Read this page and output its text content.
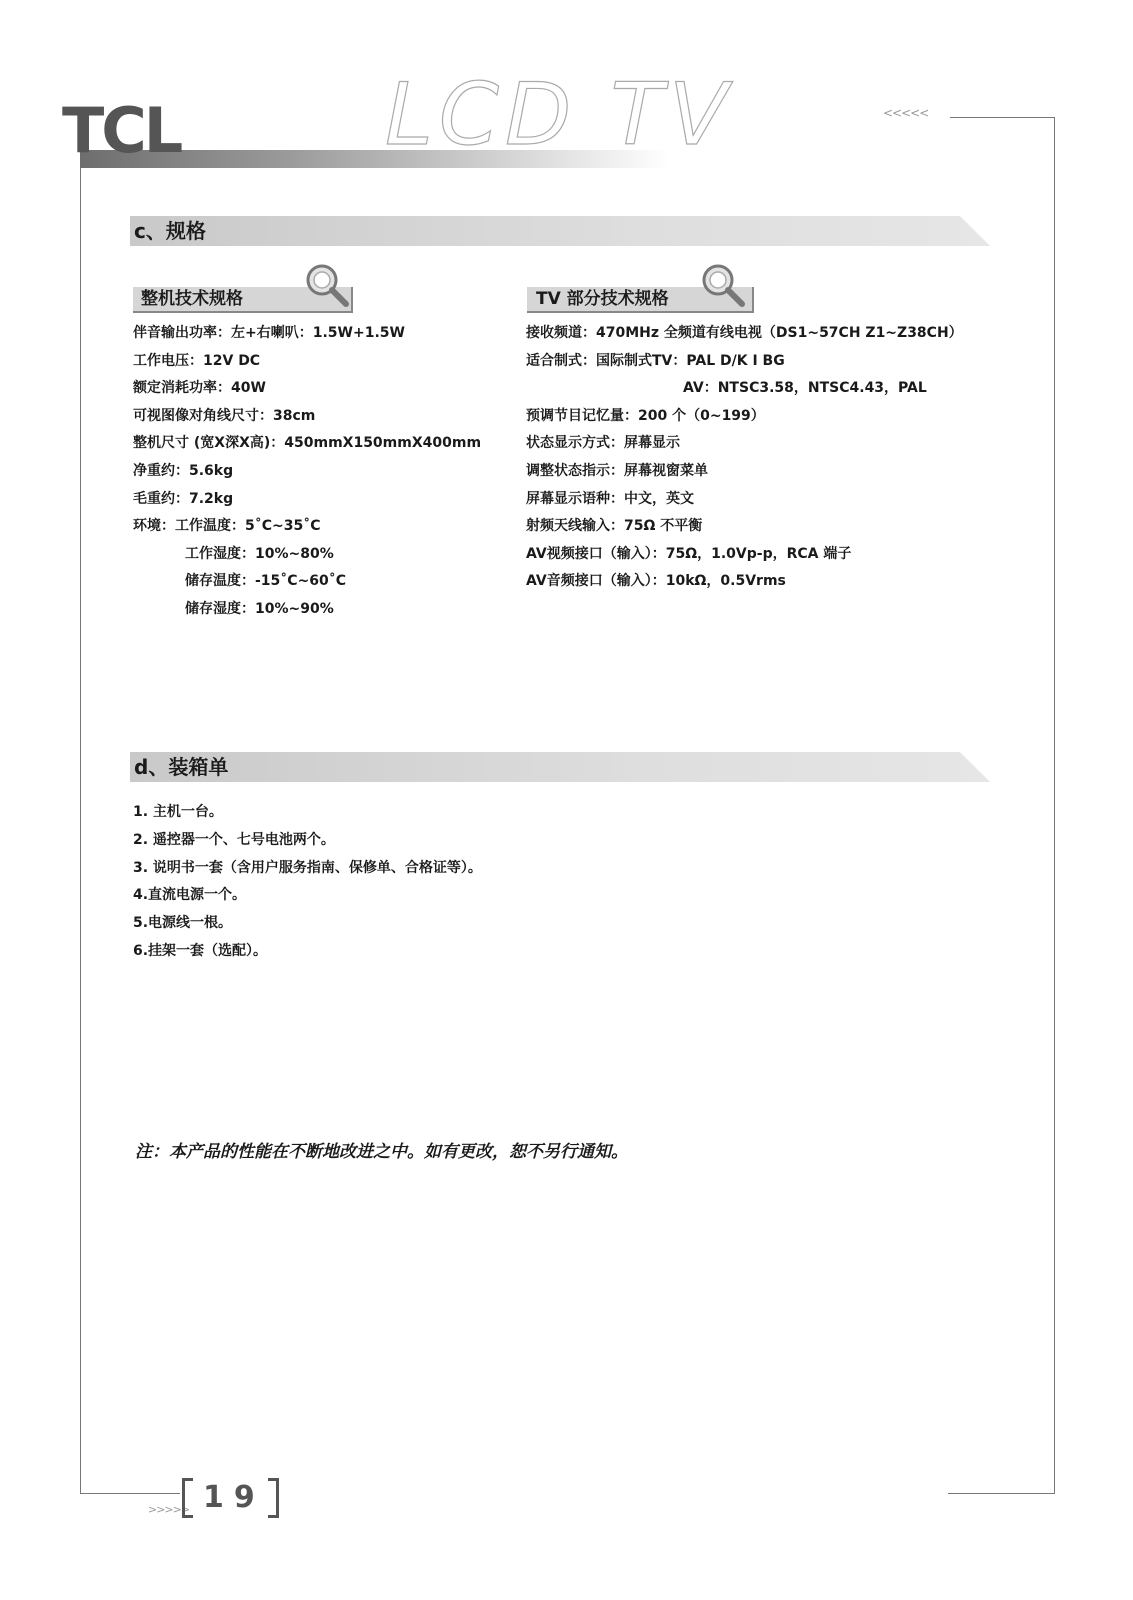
TCL LCD TV	<<<<<
c、规格
整机技术规格	TV 部分技术规格
伴音输出功率：左+右喇叭：1.5W+1.5W
工作电压：12V DC
额定消耗功率：40W
可视图像对角线尺寸：38cm
整机尺寸 (宽X深X高)：450mmX150mmX400mm
净重约：5.6kg
毛重约：7.2kg
环境：工作温度：5˚C~35˚C
工作湿度：10%~80%
储存温度：-15˚C~60˚C
储存湿度：10%~90%
接收频道：470MHz 全频道有线电视（DS1~57CH Z1~Z38CH）
适合制式：国际制式TV：PAL D/K I BG
AV：NTSC3.58，NTSC4.43，PAL
预调节目记忆量：200 个（0~199）
状态显示方式：屏幕显示
调整状态指示：屏幕视窗菜单
屏幕显示语种：中文，英文
射频天线输入：75Ω 不平衡
AV视频接口（输入）：75Ω，1.0Vp-p，RCA 端子
AV音频接口（输入）：10kΩ，0.5Vrms
d、装箱单
1. 主机一台。
2. 遥控器一个、七号电池两个。
3. 说明书一套（含用户服务指南、保修单、合格证等）。
4.直流电源一个。
5.电源线一根。
6.挂架一套（选配）。
注：本产品的性能在不断地改进之中。如有更改，恕不另行通知。
>>>>> 19
